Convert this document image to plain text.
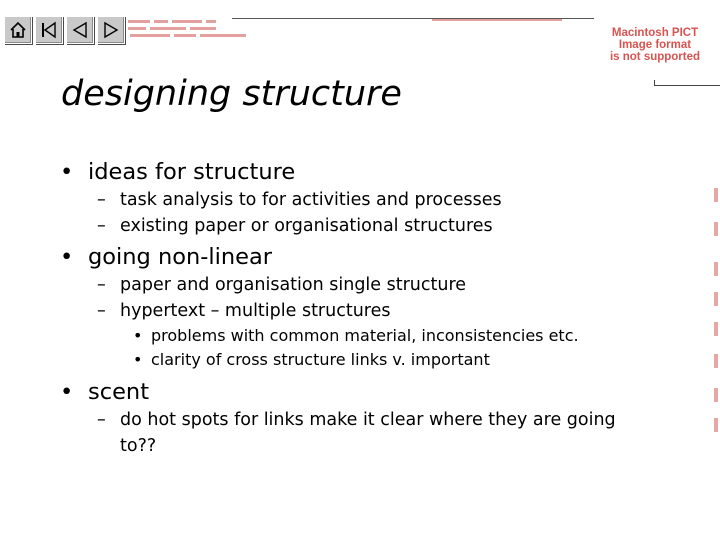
Macintosh PICT
Image format
is not supported
designing structure
• ideas for structure
– task analysis to for activities and processes
– existing paper or organisational structures
• going non-linear
– paper and organisation single structure
– hypertext – multiple structures
• problems with common material, inconsistencies etc.
• clarity of cross structure links v. important
• scent
– do hot spots for links make it clear where they are going to??
